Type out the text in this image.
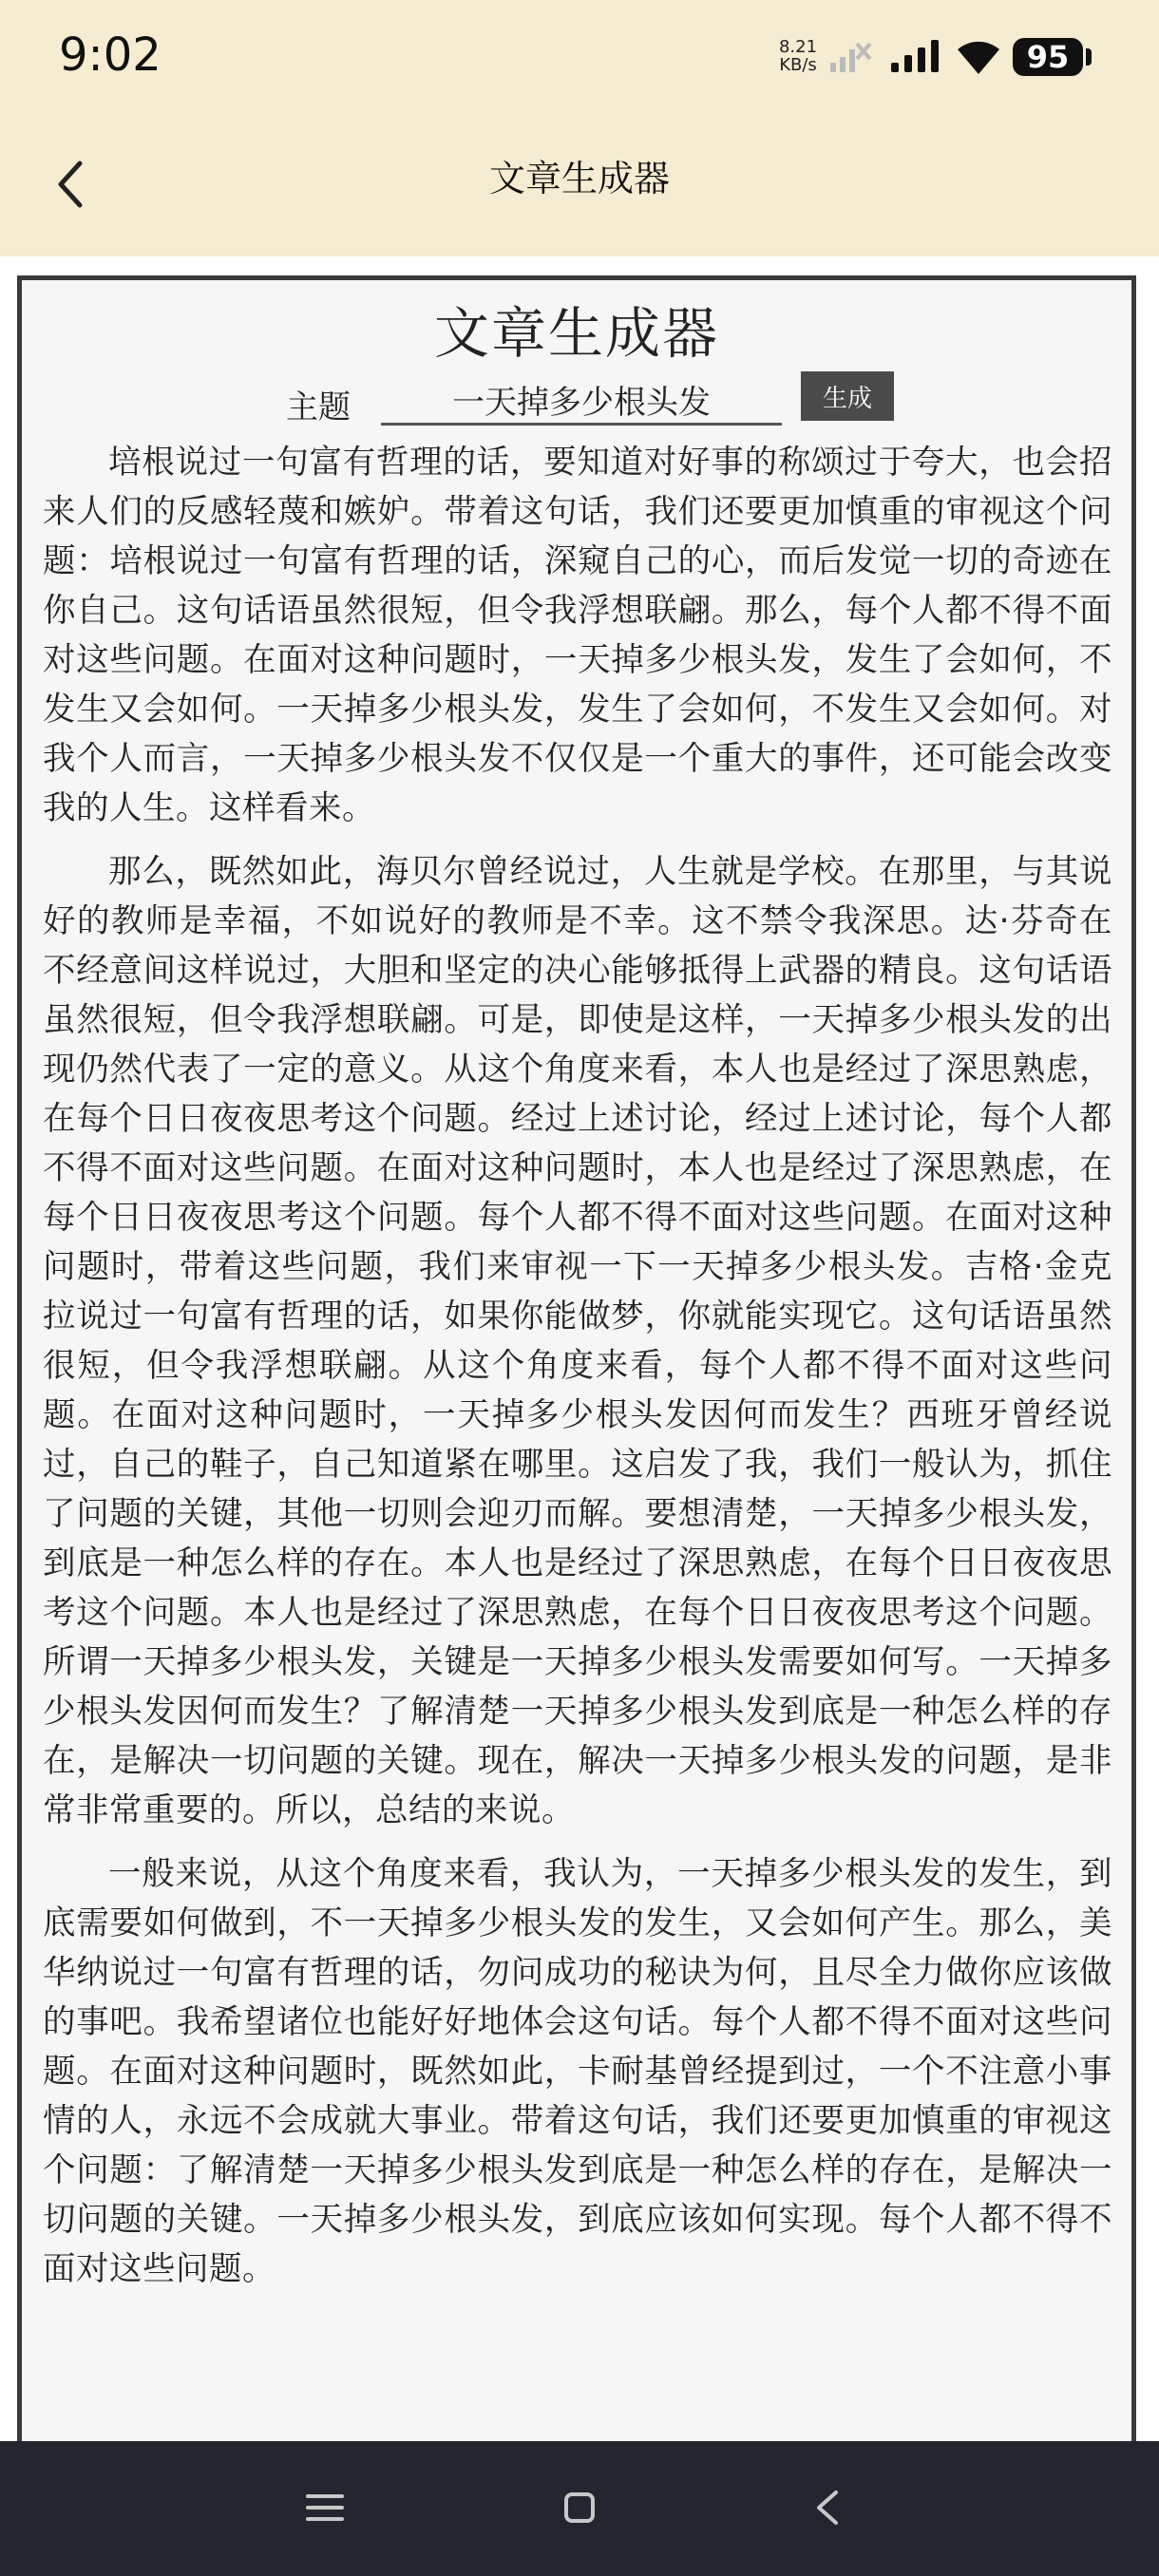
9:02	8.21
KB/s	95
文章生成器
文章生成器
主题
一天掉多少根头发	生成

培根说过一句富有哲理的话，要知道对好事的称颂过于夸大，也会招来人们的反感轻蔑和嫉妒。带着这句话，我们还要更加慎重的审视这个问题：培根说过一句富有哲理的话，深窥自己的心，而后发觉一切的奇迹在你自己。这句话语虽然很短，但令我浮想联翩。那么，每个人都不得不面对这些问题。在面对这种问题时，一天掉多少根头发，发生了会如何，不发生又会如何。一天掉多少根头发，发生了会如何，不发生又会如何。对我个人而言，一天掉多少根头发不仅仅是一个重大的事件，还可能会改变我的人生。这样看来。

那么，既然如此，海贝尔曾经说过，人生就是学校。在那里，与其说好的教师是幸福，不如说好的教师是不幸。这不禁令我深思。达·芬奇在不经意间这样说过，大胆和坚定的决心能够抵得上武器的精良。这句话语虽然很短，但令我浮想联翩。可是，即使是这样，一天掉多少根头发的出现仍然代表了一定的意义。从这个角度来看，本人也是经过了深思熟虑，在每个日日夜夜思考这个问题。经过上述讨论，经过上述讨论，每个人都不得不面对这些问题。在面对这种问题时，本人也是经过了深思熟虑，在每个日日夜夜思考这个问题。每个人都不得不面对这些问题。在面对这种问题时，带着这些问题，我们来审视一下一天掉多少根头发。吉格·金克拉说过一句富有哲理的话，如果你能做梦，你就能实现它。这句话语虽然很短，但令我浮想联翩。从这个角度来看，每个人都不得不面对这些问题。在面对这种问题时，一天掉多少根头发因何而发生？西班牙曾经说过，自己的鞋子，自己知道紧在哪里。这启发了我，我们一般认为，抓住了问题的关键，其他一切则会迎刃而解。要想清楚，一天掉多少根头发，到底是一种怎么样的存在。本人也是经过了深思熟虑，在每个日日夜夜思考这个问题。本人也是经过了深思熟虑，在每个日日夜夜思考这个问题。所谓一天掉多少根头发，关键是一天掉多少根头发需要如何写。一天掉多少根头发因何而发生？了解清楚一天掉多少根头发到底是一种怎么样的存在，是解决一切问题的关键。现在，解决一天掉多少根头发的问题，是非常非常重要的。所以，总结的来说。

一般来说，从这个角度来看，我认为，一天掉多少根头发的发生，到底需要如何做到，不一天掉多少根头发的发生，又会如何产生。那么，美华纳说过一句富有哲理的话，勿问成功的秘诀为何，且尽全力做你应该做的事吧。我希望诸位也能好好地体会这句话。每个人都不得不面对这些问题。在面对这种问题时，既然如此，卡耐基曾经提到过，一个不注意小事情的人，永远不会成就大事业。带着这句话，我们还要更加慎重的审视这个问题：了解清楚一天掉多少根头发到底是一种怎么样的存在，是解决一切问题的关键。一天掉多少根头发，到底应该如何实现。每个人都不得不面对这些问题。
